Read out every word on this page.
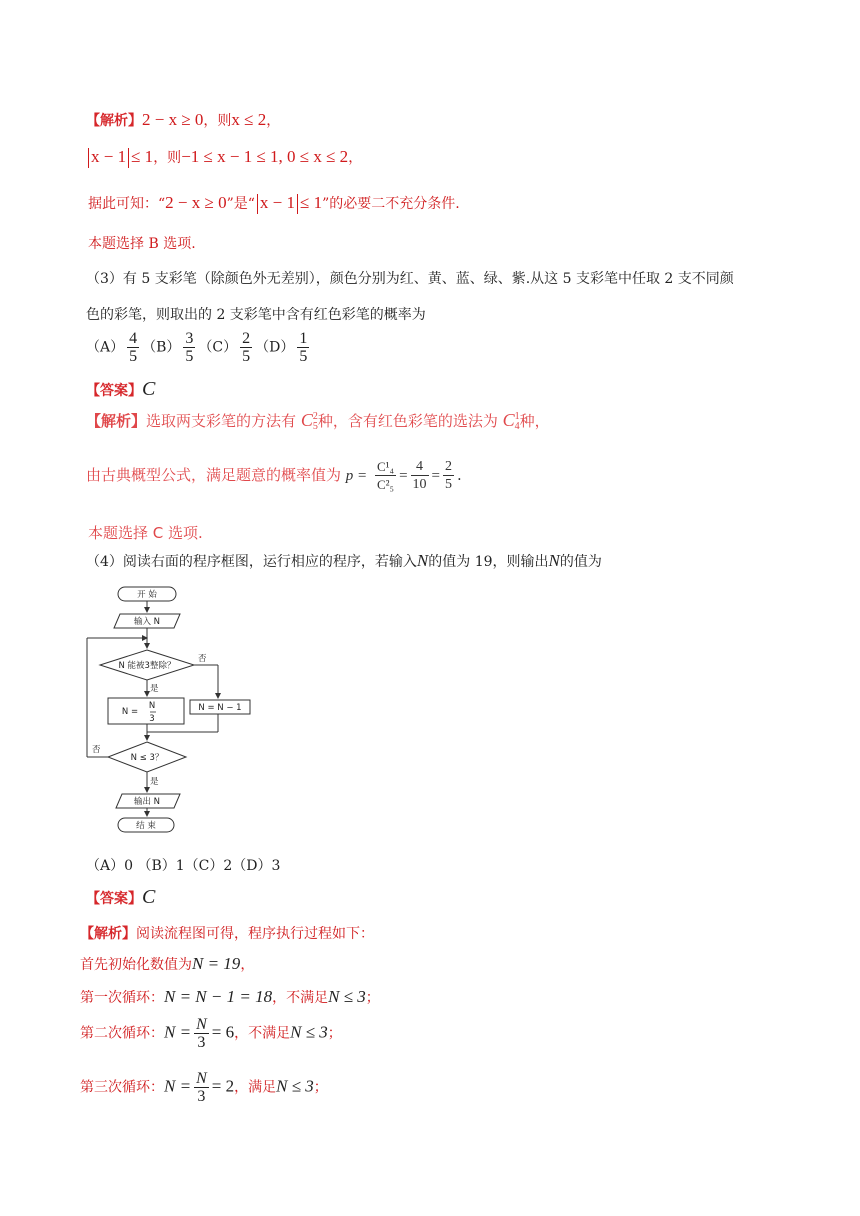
【解析】2 − x ≥ 0，则x ≤ 2，
x − 1 ≤ 1，则−1 ≤ x − 1 ≤ 1, 0 ≤ x ≤ 2，
据此可知：“2 − x ≥ 0”是“ x − 1 ≤ 1”的必要二不充分条件.
本题选择 B 选项.
（3）有 5 支彩笔（除颜色外无差别），颜色分别为红、黄、蓝、绿、紫.从这 5 支彩笔中任取 2 支不同颜
色的彩笔，则取出的 2 支彩笔中含有红色彩笔的概率为
$(A) \frac{4}{5} (B) \frac{3}{5} (C) \frac{2}{5} (D) \frac{1}{5}$
【答案】C
【解析】选取两支彩笔的方法有 C 2
5 种，含有红色彩笔的选法为 C 1
4 种，
由古典概型公式，满足题意的概率值为 $p = \frac{\text{C¹₄}}{\text{C²₅}} = \frac{4}{10} = \frac{2}{5}$ .
本题选择 C 选项.
（4）阅读右面的程序框图，运行相应的程序，若输入N的值为 19，则输出N的值为
开 始
输入 N
N 能被3整除？
否
是
N =
N
3
N = N − 1
N ≤ 3？
否
是
输出 N
结 束
（A）0 （B）1（C）2（D）3
【答案】C
【解析】阅读流程图可得，程序执行过程如下：
首先初始化数值为N = 19，
第一次循环：N = N − 1 = 18，不满足N ≤ 3；
第二次循环：$N = \frac{N}{3} = 6$，不满足N ≤ 3；
第三次循环：$N = \frac{N}{3} = 2$，满足N ≤ 3；
